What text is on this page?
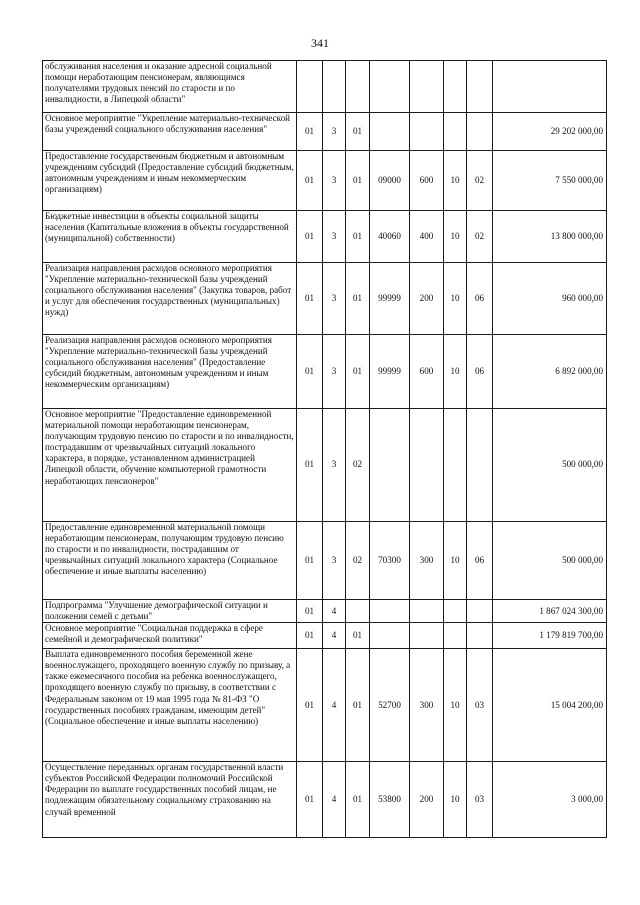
341
обслуживания населения и оказание адресной социальной помощи неработающим пенсионерам, являющимся получателями трудовых пенсий по старости и по инвалидности, в Липецкой области"								
Основное мероприятие "Укрепление материально-технической базы учреждений социального обслуживания населения"	01	3	01					29 202 000,00
Предоставление государственным бюджетным и автономным учреждениям субсидий (Предоставление субсидий бюджетным, автономным учреждениям и иным некоммерческим организациям)	01	3	01	09000	600	10	02	7 550 000,00
Бюджетные инвестиции в объекты социальной защиты населения (Капитальные вложения в объекты государственной (муниципальной) собственности)	01	3	01	40060	400	10	02	13 800 000,00
Реализация направления расходов основного мероприятия "Укрепление материально-технической базы учреждений социального обслуживания населения" (Закупка товаров, работ и услуг для обеспечения государственных (муниципальных) нужд)	01	3	01	99999	200	10	06	960 000,00
Реализация направления расходов основного мероприятия "Укрепление материально-технической базы учреждений социального обслуживания населения" (Предоставление субсидий бюджетным, автономным учреждениям и иным некоммерческим организациям)	01	3	01	99999	600	10	06	6 892 000,00
Основное мероприятие "Предоставление единовременной материальной помощи неработающим пенсионерам, получающим трудовую пенсию по старости и по инвалидности, пострадавшим от чрезвычайных ситуаций локального характера, в порядке, установленном администрацией Липецкой области, обучение компьютерной грамотности неработающих пенсионеров"	01	3	02					500 000,00
Предоставление единовременной материальной помощи неработающим пенсионерам, получающим трудовую пенсию по старости и по инвалидности, пострадавшим от чрезвычайных ситуаций локального характера (Социальное обеспечение и иные выплаты населению)	01	3	02	70300	300	10	06	500 000,00
Подпрограмма "Улучшение демографической ситуации и положения семей с детьми"	01	4						1 867 024 300,00
Основное мероприятие "Социальная поддержка в сфере семейной и демографической политики"	01	4	01					1 179 819 700,00
Выплата единовременного пособия беременной жене военнослужащего, проходящего военную службу по призыву, а также ежемесячного пособия на ребенка военнослужащего, проходящего военную службу по призыву, в соответствии с Федеральным законом от 19 мая 1995 года № 81-ФЗ "О государственных пособиях гражданам, имеющим детей" (Социальное обеспечение и иные выплаты населению)	01	4	01	52700	300	10	03	15 004 200,00
Осуществление переданных органам государственной власти субъектов Российской Федерации полномочий Российской Федерации по выплате государственных пособий лицам, не подлежащим обязательному социальному страхованию на случай временной	01	4	01	53800	200	10	03	3 000,00
